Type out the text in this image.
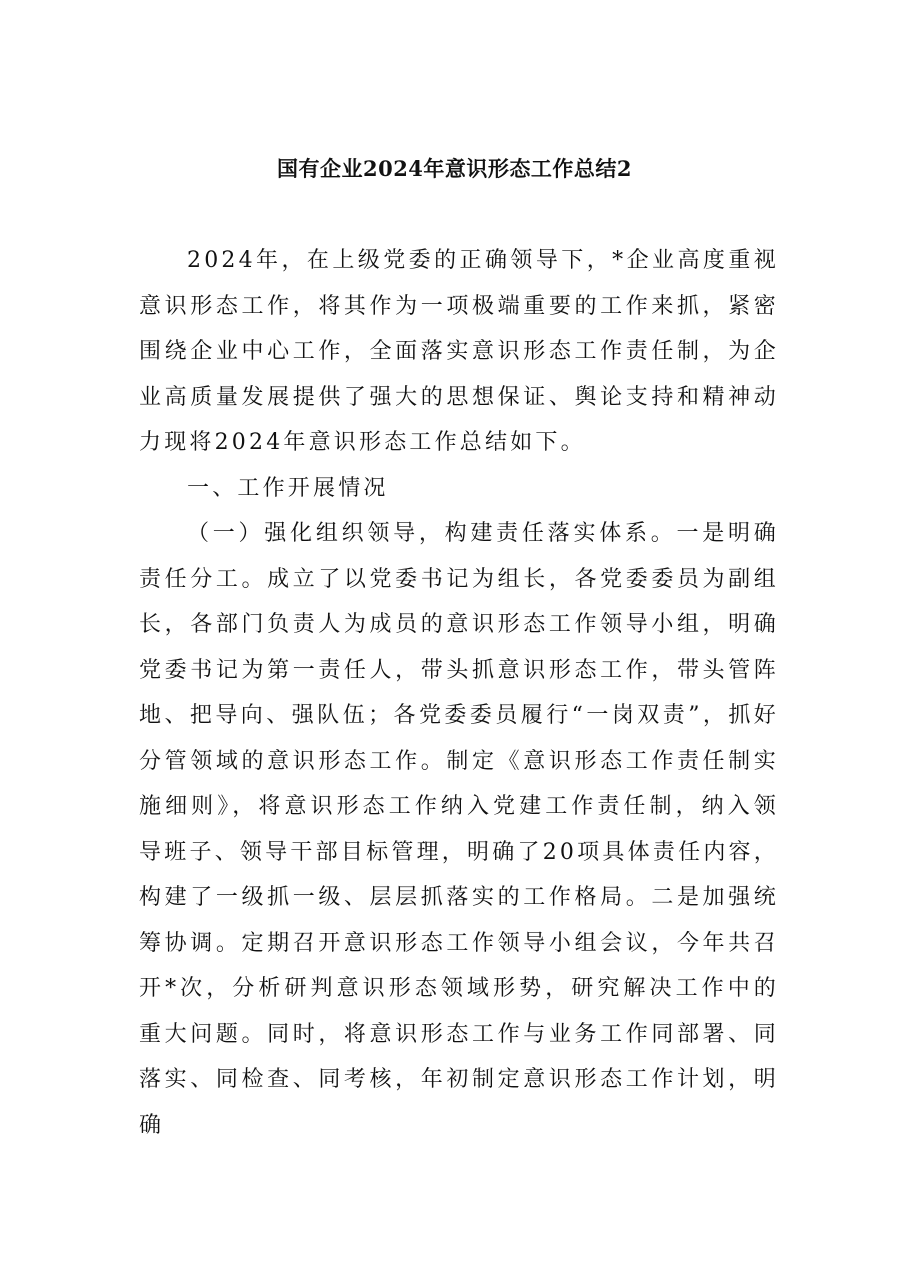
国有企业2024年意识形态工作总结2

2024年，在上级党委的正确领导下，*企业高度重视意识形态工作，将其作为一项极端重要的工作来抓，紧密围绕企业中心工作，全面落实意识形态工作责任制，为企业高质量发展提供了强大的思想保证、舆论支持和精神动力现将2024年意识形态工作总结如下。

一、工作开展情况

（一）强化组织领导，构建责任落实体系。一是明确责任分工。成立了以党委书记为组长，各党委委员为副组长，各部门负责人为成员的意识形态工作领导小组，明确党委书记为第一责任人，带头抓意识形态工作，带头管阵地、把导向、强队伍；各党委委员履行“一岗双责”，抓好分管领域的意识形态工作。制定《意识形态工作责任制实施细则》，将意识形态工作纳入党建工作责任制，纳入领导班子、领导干部目标管理，明确了20项具体责任内容，构建了一级抓一级、层层抓落实的工作格局。二是加强统筹协调。定期召开意识形态工作领导小组会议，今年共召开*次，分析研判意识形态领域形势，研究解决工作中的重大问题。同时，将意识形态工作与业务工作同部署、同落实、同检查、同考核，年初制定意识形态工作计划，明确
